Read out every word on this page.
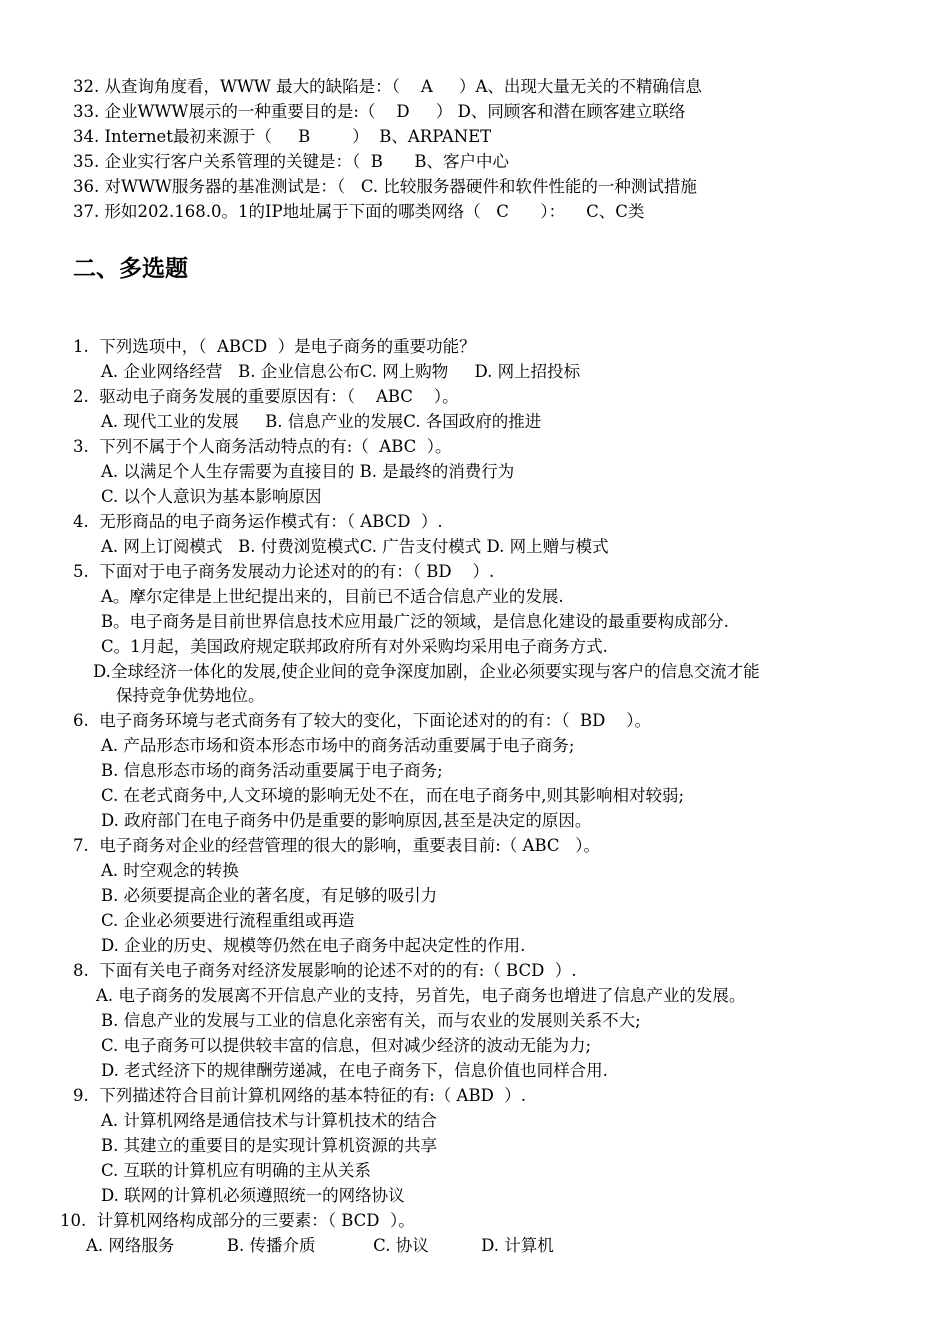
32. 从查询角度看，WWW 最大的缺陷是：（    A     ）A、出现大量无关的不精确信息
33. 企业WWW展示的一种重要目的是:（    D     ） D、同顾客和潜在顾客建立联络
34. Internet最初来源于（     B        ）  B、ARPANET
35. 企业实行客户关系管理的关键是：（  B      B、客户中心
36. 对WWW服务器的基准测试是：（   C. 比较服务器硬件和软件性能的一种测试措施
37. 形如202.168.0。1的IP地址属于下面的哪类网络（   C      ）：    C、C类
二、多选题
1.  下列选项中，（  ABCD  ）是电子商务的重要功能？
A. 企业网络经营   B. 企业信息公布C. 网上购物     D. 网上招投标
2.  驱动电子商务发展的重要原因有：（    ABC    ）。
A. 现代工业的发展     B. 信息产业的发展C. 各国政府的推进
3.  下列不属于个人商务活动特点的有:（  ABC  ）。
A. 以满足个人生存需要为直接目的 B. 是最终的消费行为
C. 以个人意识为基本影响原因
4.  无形商品的电子商务运作模式有：（ ABCD  ）.
A. 网上订阅模式   B. 付费浏览模式C. 广告支付模式 D. 网上赠与模式
5.  下面对于电子商务发展动力论述对的的有：（ BD    ）.
A。摩尔定律是上世纪提出来的，目前已不适合信息产业的发展.
B。电子商务是目前世界信息技术应用最广泛的领域，是信息化建设的最重要构成部分.
C。1月起，美国政府规定联邦政府所有对外采购均采用电子商务方式.
D.全球经济一体化的发展,使企业间的竞争深度加剧，企业必须要实现与客户的信息交流才能
保持竞争优势地位。
6.  电子商务环境与老式商务有了较大的变化，下面论述对的的有：（  BD    ）。
A. 产品形态市场和资本形态市场中的商务活动重要属于电子商务;
B. 信息形态市场的商务活动重要属于电子商务;
C. 在老式商务中,人文环境的影响无处不在，而在电子商务中,则其影响相对较弱;
D. 政府部门在电子商务中仍是重要的影响原因,甚至是决定的原因。
7.  电子商务对企业的经营管理的很大的影响，重要表目前:（ ABC   ）。
A. 时空观念的转换
B. 必须要提高企业的著名度，有足够的吸引力
C. 企业必须要进行流程重组或再造
D. 企业的历史、规模等仍然在电子商务中起决定性的作用.
8.  下面有关电子商务对经济发展影响的论述不对的的有:（ BCD  ）.
A. 电子商务的发展离不开信息产业的支持，另首先，电子商务也增进了信息产业的发展。
B. 信息产业的发展与工业的信息化亲密有关，而与农业的发展则关系不大;
C. 电子商务可以提供较丰富的信息，但对减少经济的波动无能为力;
D. 老式经济下的规律酬劳递减，在电子商务下，信息价值也同样合用.
9.  下列描述符合目前计算机网络的基本特征的有:（ ABD  ）.
A. 计算机网络是通信技术与计算机技术的结合
B. 其建立的重要目的是实现计算机资源的共享
C. 互联的计算机应有明确的主从关系
D. 联网的计算机必须遵照统一的网络协议
10.  计算机网络构成部分的三要素：（ BCD  ）。
A. 网络服务          B. 传播介质           C. 协议          D. 计算机
